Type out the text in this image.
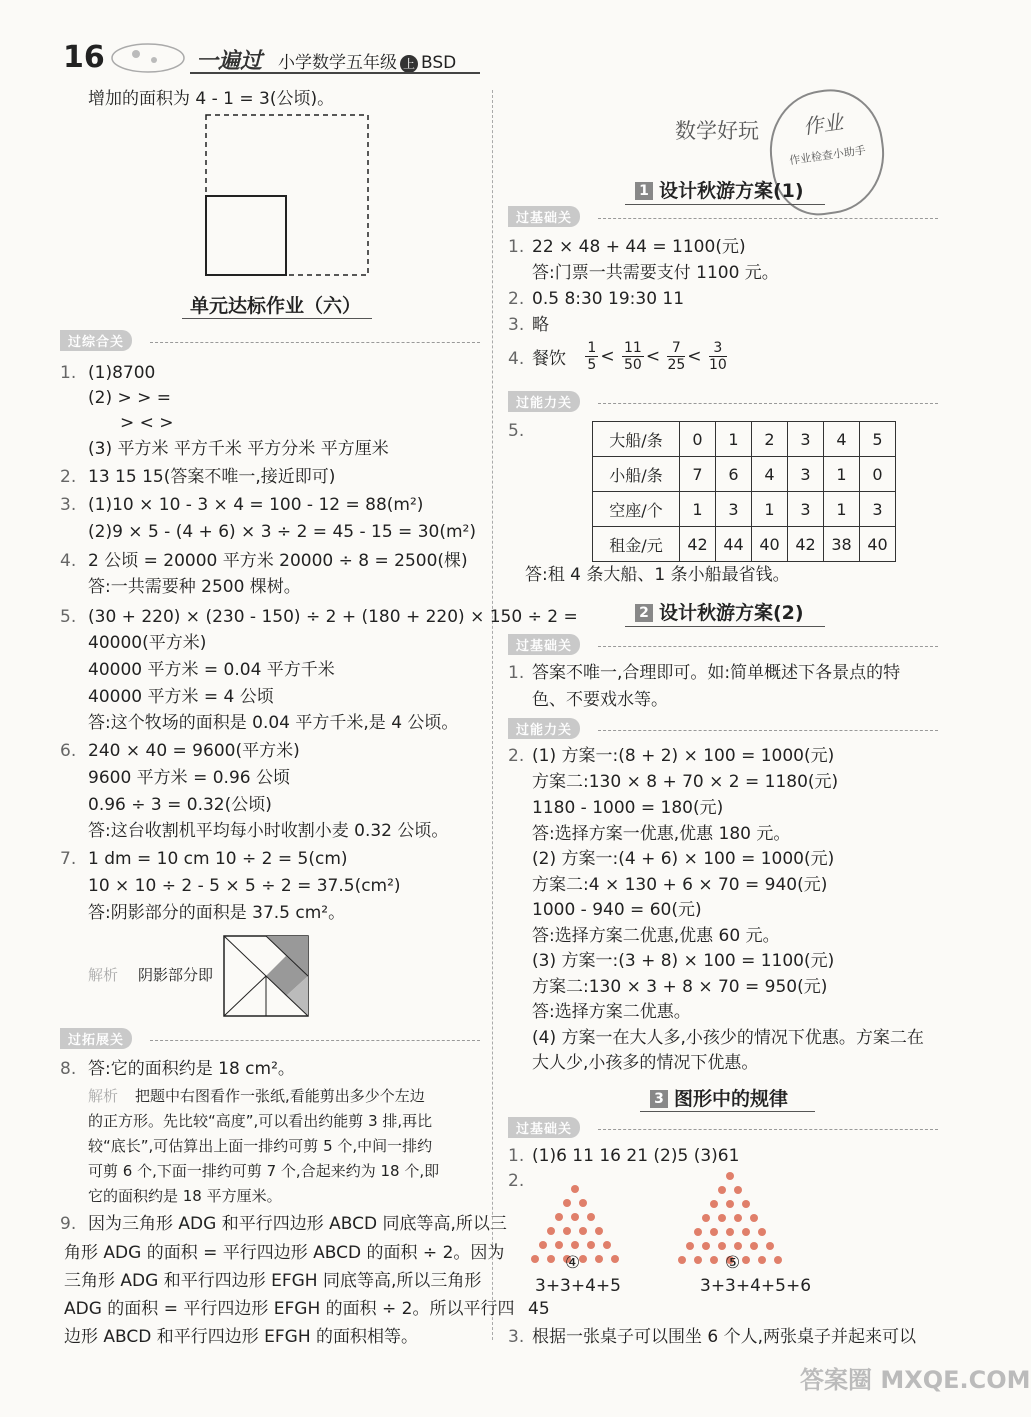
16	一遍过 小学数学五年级 上 BSD
增加的面积为 4 - 1 = 3(公顷)。
单元达标作业（六）
过综合关
1. (1)8700
(2) > > =
> < >
(3) 平方米 平方千米 平方分米 平方厘米
2. 13 15 15(答案不唯一,接近即可)
3. (1)10 × 10 - 3 × 4 = 100 - 12 = 88(m²)
(2)9 × 5 - (4 + 6) × 3 ÷ 2 = 45 - 15 = 30(m²)
4. 2 公顷 = 20000 平方米 20000 ÷ 8 = 2500(棵)
答:一共需要种 2500 棵树。
5. (30 + 220) × (230 - 150) ÷ 2 + (180 + 220) × 150 ÷ 2 =
40000(平方米)
40000 平方米 = 0.04 平方千米
40000 平方米 = 4 公顷
答:这个牧场的面积是 0.04 平方千米,是 4 公顷。
6. 240 × 40 = 9600(平方米)
9600 平方米 = 0.96 公顷
0.96 ÷ 3 = 0.32(公顷)
答:这台收割机平均每小时收割小麦 0.32 公顷。
7. 1 dm = 10 cm 10 ÷ 2 = 5(cm)
10 × 10 ÷ 2 - 5 × 5 ÷ 2 = 37.5(cm²)
答:阴影部分的面积是 37.5 cm²。
解析 阴影部分即
过拓展关
8. 答:它的面积约是 18 cm²。
解析 把题中右图看作一张纸,看能剪出多少个左边
的正方形。先比较“高度”,可以看出约能剪 3 排,再比
较“底长”,可估算出上面一排约可剪 5 个,中间一排约
可剪 6 个,下面一排约可剪 7 个,合起来约为 18 个,即
它的面积约是 18 平方厘米。
9. 因为三角形 ADG 和平行四边形 ABCD 同底等高,所以三
角形 ADG 的面积 = 平行四边形 ABCD 的面积 ÷ 2。因为
三角形 ADG 和平行四边形 EFGH 同底等高,所以三角形
ADG 的面积 = 平行四边形 EFGH 的面积 ÷ 2。所以平行四
边形 ABCD 和平行四边形 EFGH 的面积相等。
数学好玩	作业
作业检查小助手
1 设计秋游方案(1)
过基础关
1. 22 × 48 + 44 = 1100(元)
答:门票一共需要支付 1100 元。
2. 0.5 8:30 19:30 11
3. 略
4. 餐饮 $\frac{1}{5} < \frac{11}{50} < \frac{7}{25} < \frac{3}{10}$
过能力关
5.	大船/条	0	1	2	3	4	5
小船/条	7	6	4	3	1	0
空座/个	1	3	1	3	1	3
租金/元	42	44	40	42	38	40
答:租 4 条大船、1 条小船最省钱。
2 设计秋游方案(2)
过基础关
1. 答案不唯一,合理即可。如:简单概述下各景点的特
色、不要戏水等。
过能力关
2. (1) 方案一:(8 + 2) × 100 = 1000(元)
方案二:130 × 8 + 70 × 2 = 1180(元)
1180 - 1000 = 180(元)
答:选择方案一优惠,优惠 180 元。
(2) 方案一:(4 + 6) × 100 = 1000(元)
方案二:4 × 130 + 6 × 70 = 940(元)
1000 - 940 = 60(元)
答:选择方案二优惠,优惠 60 元。
(3) 方案一:(3 + 8) × 100 = 1100(元)
方案二:130 × 3 + 8 × 70 = 950(元)
答:选择方案二优惠。
(4) 方案一在大人多,小孩少的情况下优惠。方案二在
大人少,小孩多的情况下优惠。
3 图形中的规律
过基础关
1. (1)6 11 16 21 (2)5 (3)61
2.
④	⑤
3+3+4+5	3+3+4+5+6
45
3. 根据一张桌子可以围坐 6 个人,两张桌子并起来可以
答案圈 MXQE.COM
